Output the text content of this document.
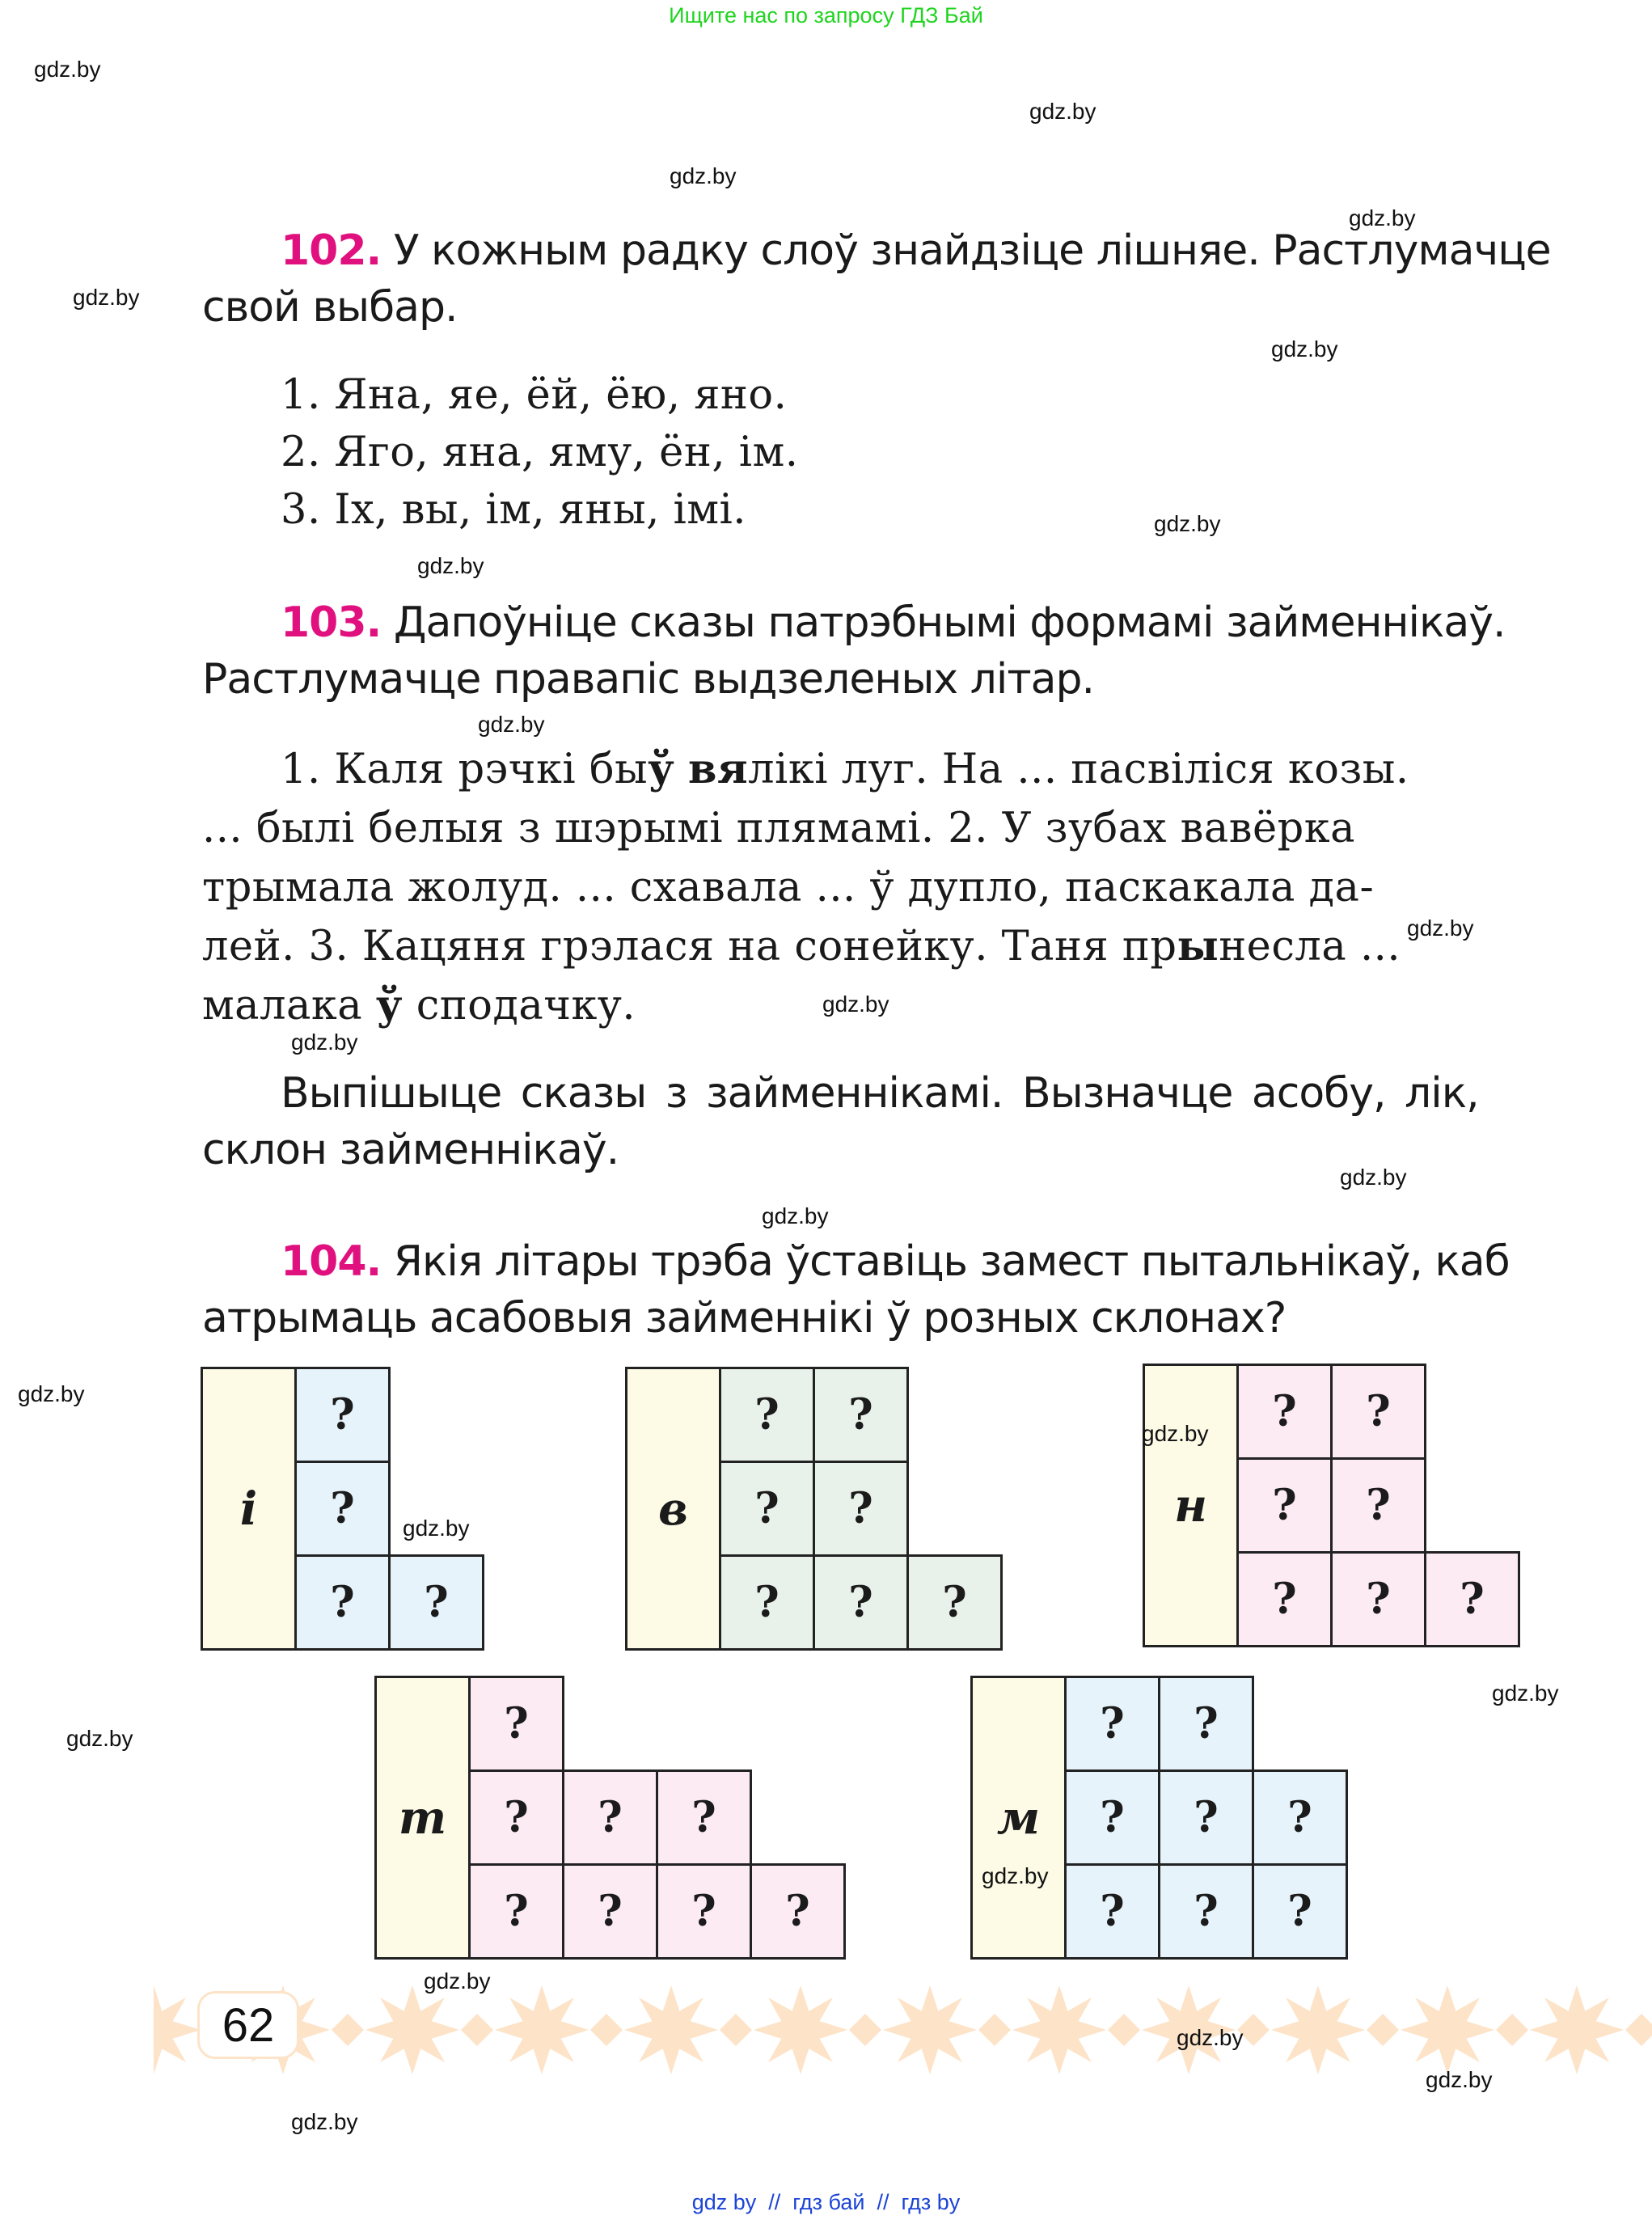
Ищите нас по запросу ГДЗ Бай
gdz.by
gdz.by
gdz.by
gdz.by
gdz.by
gdz.by
gdz.by
gdz.by
gdz.by
gdz.by
gdz.by
gdz.by
gdz.by
gdz.by
gdz.by
gdz.by
gdz.by
gdz.by
gdz.by
gdz.by
gdz.by
gdz.by
gdz.by
gdz.by
102. У кожным радку слоў знайдзіце лішняе. Растлумачце
свой выбар.
1. Яна, яе, ёй, ёю, яно.
2. Яго, яна, яму, ён, ім.
3. Іх, вы, ім, яны, імі.
103. Дапоўніце сказы патрэбнымі формамі займеннікаў.
Растлумачце правапіс выдзеленых літар.
1. Каля рэчкі быў вялікі луг. На ... пасвіліся козы.
... былі белыя з шэрымі плямамі. 2. У зубах вавёрка
трымала жолуд. ... схавала ... ў дупло, паскакала да-
лей. 3. Кацяня грэлася на сонейку. Таня прынесла ...
малака ў сподачку.
Выпішыце сказы з займеннікамі. Вызначце асобу, лік,
склон займеннікаў.
104. Якія літары трэба ўставіць замест пытальнікаў, каб
атрымаць асабовыя займеннікі ў розных склонах?
і
?
?
?	?
в
?	?
?	?
?	?	?
н
?	?
?	?
?	?	?
т
?
?	?	?
?	?	?	?
м
?	?
?	?	?
?	?	?
62
gdz by  //  гдз бай  //  гдз by
